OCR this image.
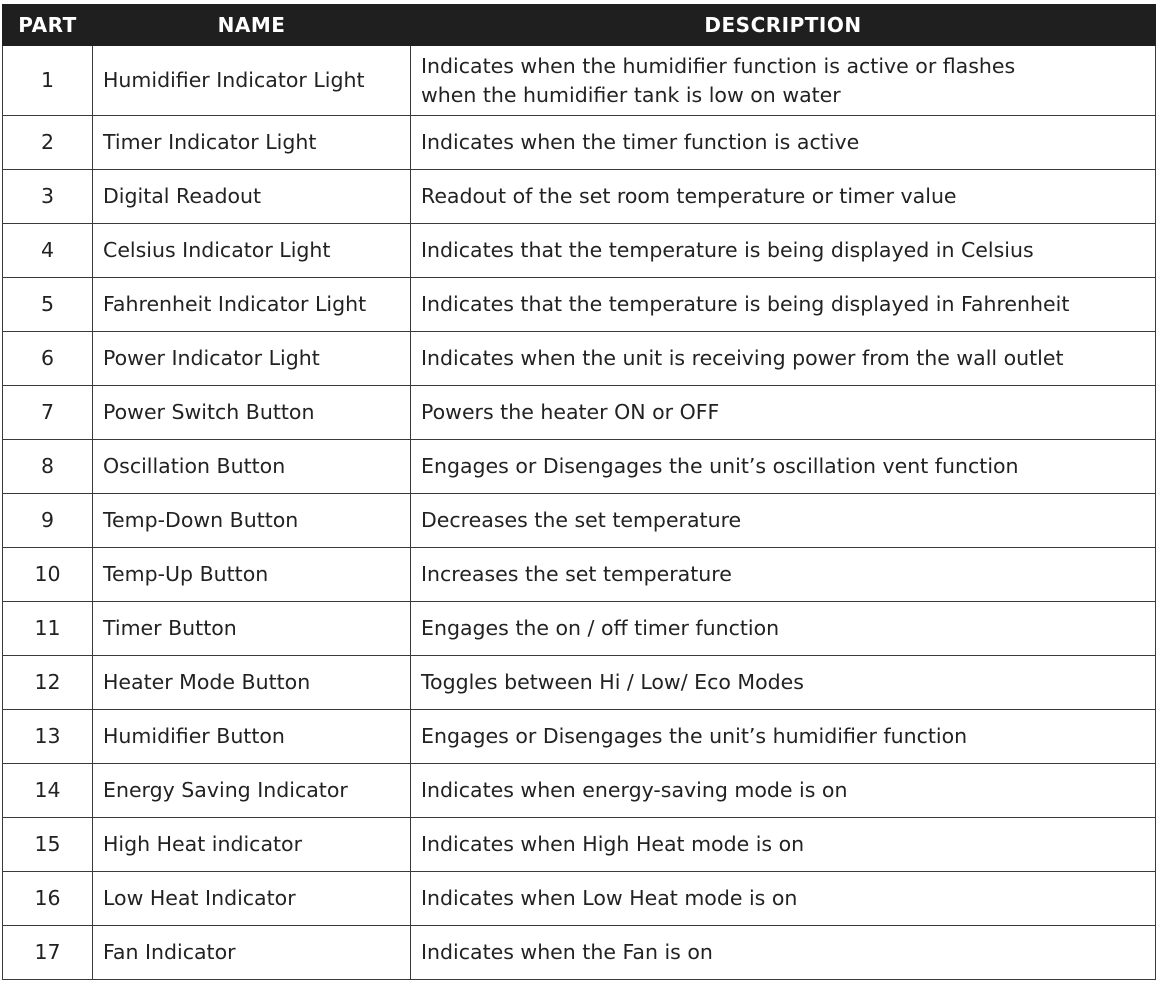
PART	NAME	DESCRIPTION
1	Humidifier Indicator Light	Indicates when the humidifier function is active or flashes
when the humidifier tank is low on water

2	Timer Indicator Light	Indicates when the timer function is active

3	Digital Readout	Readout of the set room temperature or timer value

4	Celsius Indicator Light	Indicates that the temperature is being displayed in Celsius

5	Fahrenheit Indicator Light	Indicates that the temperature is being displayed in Fahrenheit

6	Power Indicator Light	Indicates when the unit is receiving power from the wall outlet

7	Power Switch Button	Powers the heater ON or OFF

8	Oscillation Button	Engages or Disengages the unit’s oscillation vent function

9	Temp-Down Button	Decreases the set temperature

10	Temp-Up Button	Increases the set temperature

11	Timer Button	Engages the on / off timer function

12	Heater Mode Button	Toggles between Hi / Low/ Eco Modes

13	Humidifier Button	Engages or Disengages the unit’s humidifier function

14	Energy Saving Indicator	Indicates when energy-saving mode is on

15	High Heat indicator	Indicates when High Heat mode is on

16	Low Heat Indicator	Indicates when Low Heat mode is on

17	Fan Indicator	Indicates when the Fan is on
